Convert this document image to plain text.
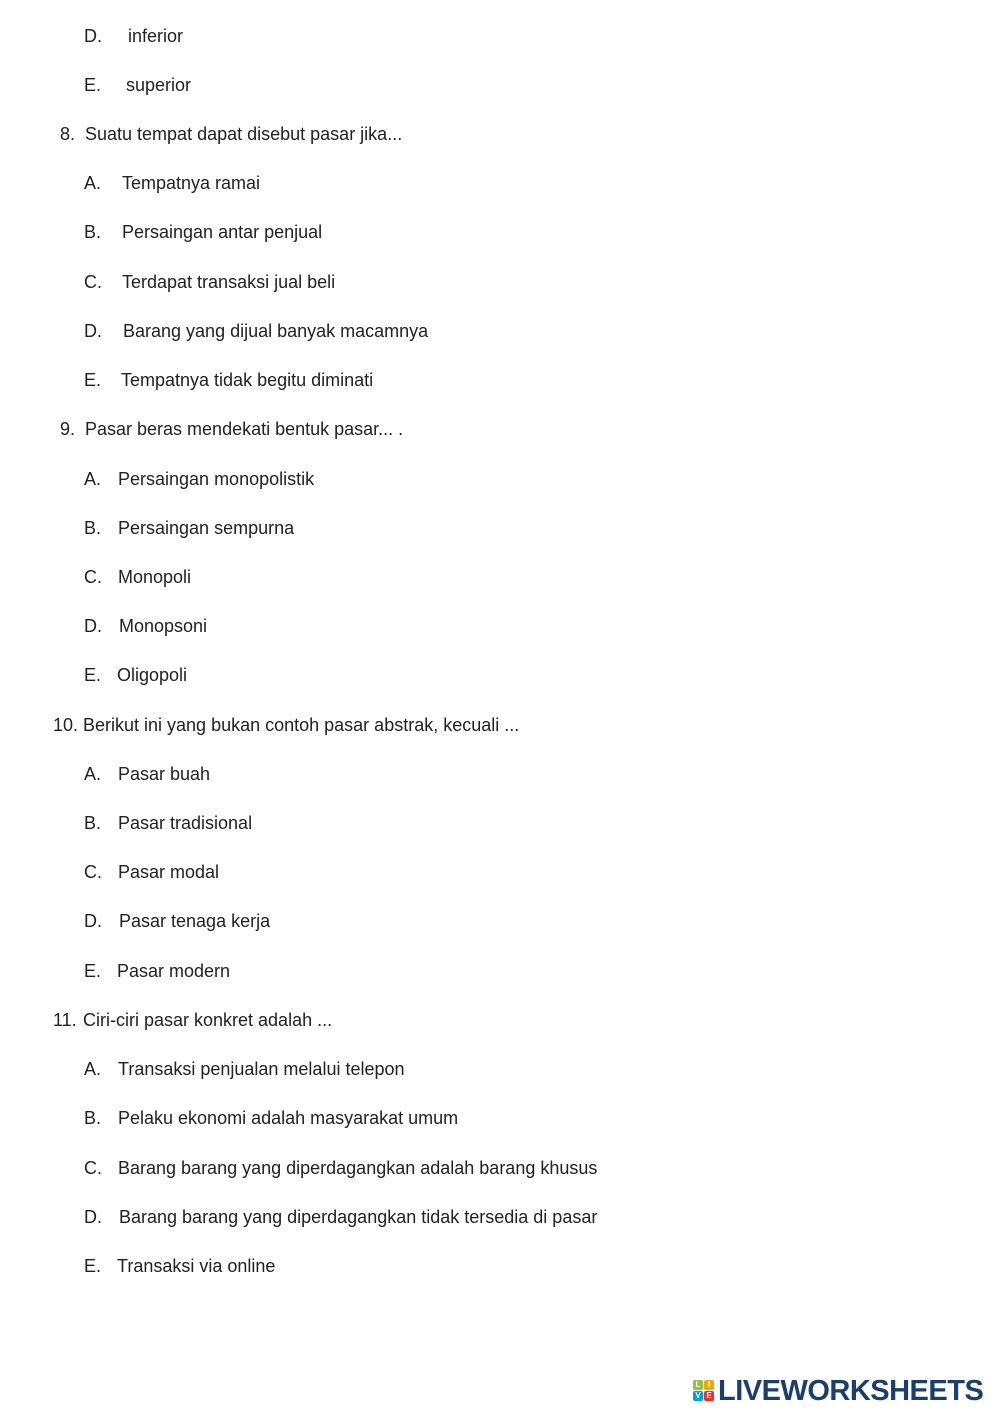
D. inferior
E. superior
8. Suatu tempat dapat disebut pasar jika...
A. Tempatnya ramai
B. Persaingan antar penjual
C. Terdapat transaksi jual beli
D. Barang yang dijual banyak macamnya
E. Tempatnya tidak begitu diminati
9. Pasar beras mendekati bentuk pasar... .
A. Persaingan monopolistik
B. Persaingan sempurna
C. Monopoli
D. Monopsoni
E. Oligopoli
10. Berikut ini yang bukan contoh pasar abstrak, kecuali ...
A. Pasar buah
B. Pasar tradisional
C. Pasar modal
D. Pasar tenaga kerja
E. Pasar modern
11. Ciri-ciri pasar konkret adalah ...
A. Transaksi penjualan melalui telepon
B. Pelaku ekonomi adalah masyarakat umum
C. Barang barang yang diperdagangkan adalah barang khusus
D. Barang barang yang diperdagangkan tidak tersedia di pasar
E. Transaksi via online
L I
V E LIVEWORKSHEETS
